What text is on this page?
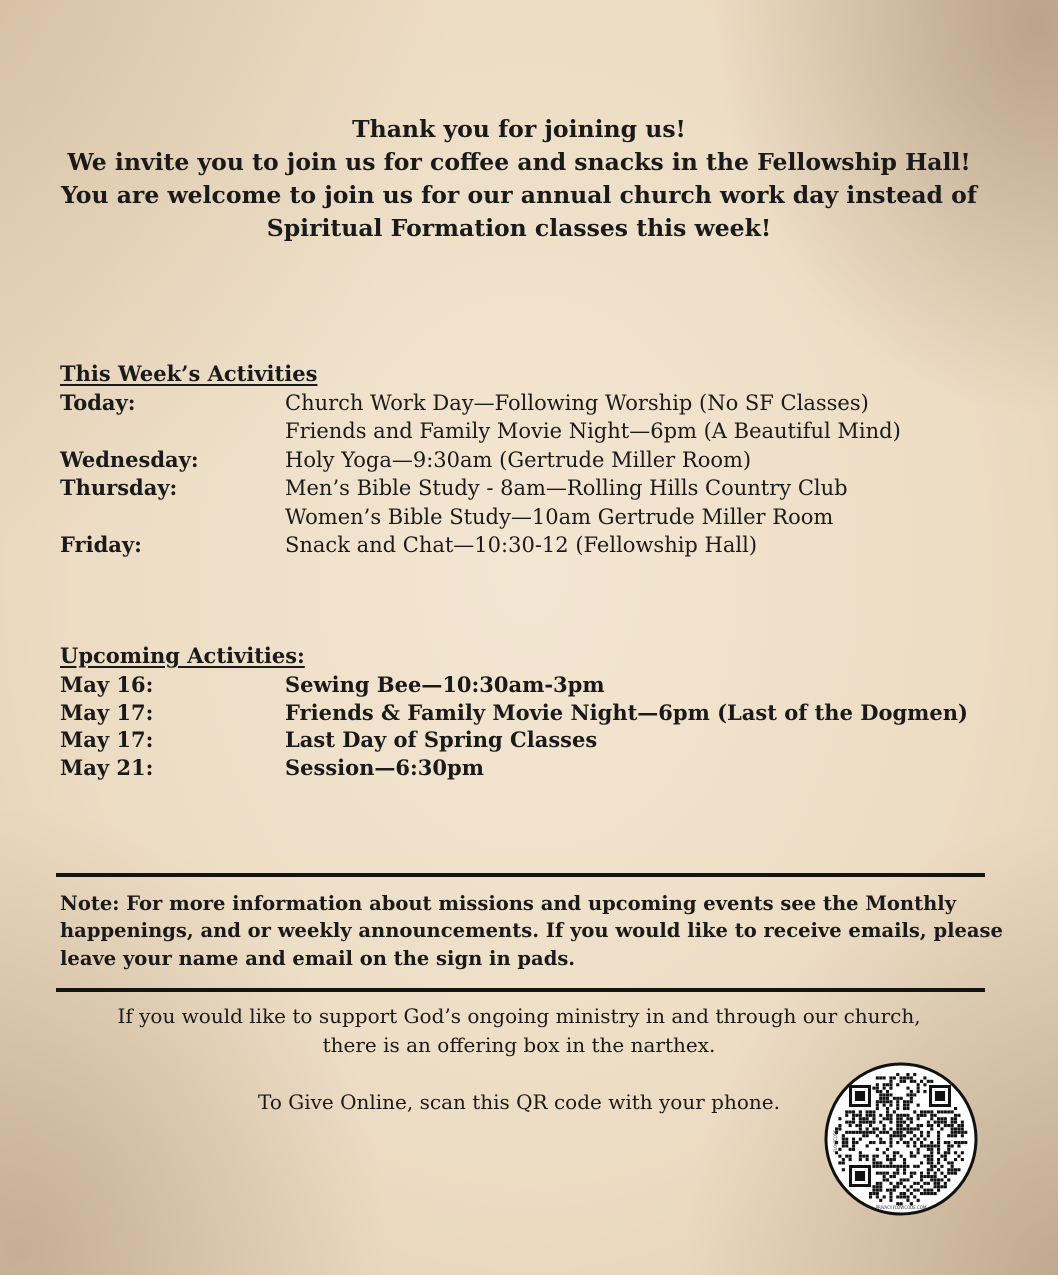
Thank you for joining us!
We invite you to join us for coffee and snacks in the Fellowship Hall!
You are welcome to join us for our annual church work day instead of
Spiritual Formation classes this week!
This Week’s Activities
Today:	Church Work Day—Following Worship (No SF Classes)
Friends and Family Movie Night—6pm (A Beautiful Mind)
Wednesday:	Holy Yoga—9:30am (Gertrude Miller Room)
Thursday:	Men’s Bible Study - 8am—Rolling Hills Country Club
Women’s Bible Study—10am Gertrude Miller Room
Friday:	Snack and Chat—10:30-12 (Fellowship Hall)
Upcoming Activities:
May 16:	Sewing Bee—10:30am-3pm
May 17:	Friends & Family Movie Night—6pm (Last of the Dogmen)
May 17:	Last Day of Spring Classes
May 21:	Session—6:30pm
Note: For more information about missions and upcoming events see the Monthly
happenings, and or weekly announcements. If you would like to receive emails, please
leave your name and email on the sign in pads.
If you would like to support God’s ongoing ministry in and through our church,
there is an offering box in the narthex.
To Give Online, scan this QR code with your phone.
FLOWCODE
PRIVACY.FLOWCODE.COM
